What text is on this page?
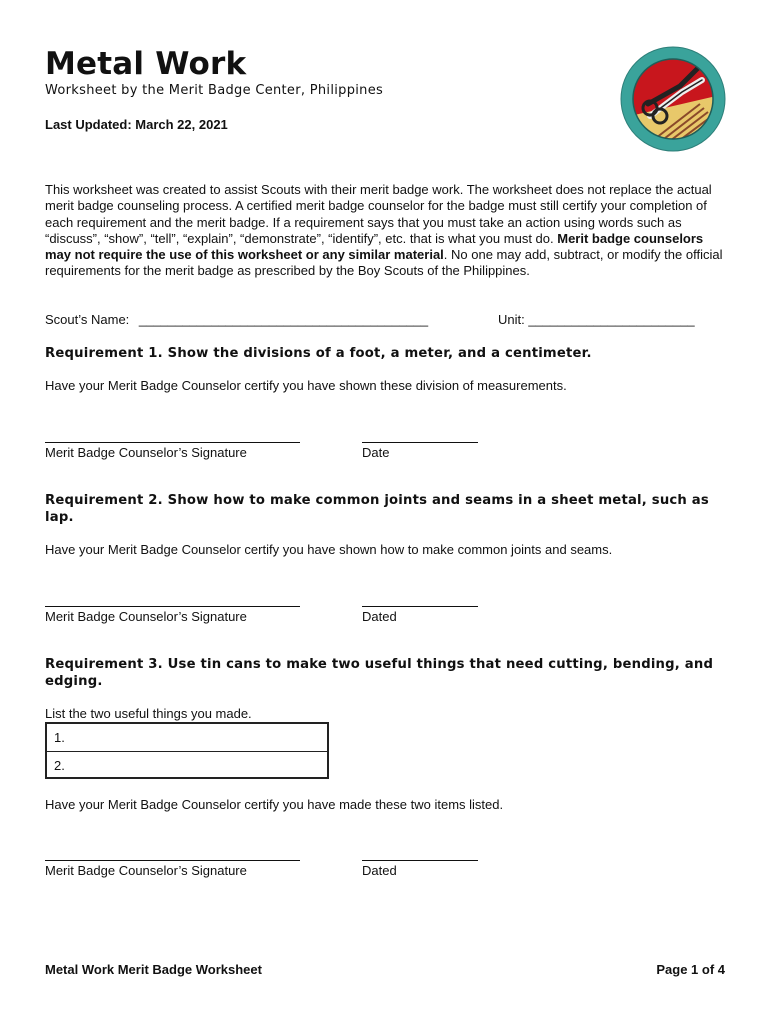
Metal Work
Worksheet by the Merit Badge Center, Philippines
Last Updated: March 22, 2021
This worksheet was created to assist Scouts with their merit badge work. The worksheet does not replace the actual merit badge counseling process. A certified merit badge counselor for the badge must still certify your completion of each requirement and the merit badge. If a requirement says that you must take an action using words such as “discuss”, “show”, “tell”, “explain”, “demonstrate”, “identify”, etc. that is what you must do. Merit badge counselors may not require the use of this worksheet or any similar material. No one may add, subtract, or modify the official requirements for the merit badge as prescribed by the Boy Scouts of the Philippines.
Scout’s Name: ________________________________________	Unit: _______________________
Requirement 1. Show the divisions of a foot, a meter, and a centimeter.
Have your Merit Badge Counselor certify you have shown these division of measurements.
Merit Badge Counselor’s Signature	Date
Requirement 2. Show how to make common joints and seams in a sheet metal, such as lap.
Have your Merit Badge Counselor certify you have shown how to make common joints and seams.
Merit Badge Counselor’s Signature	Dated
Requirement 3. Use tin cans to make two useful things that need cutting, bending, and edging.
List the two useful things you made.
1.
2.
Have your Merit Badge Counselor certify you have made these two items listed.
Merit Badge Counselor’s Signature	Dated
Metal Work Merit Badge Worksheet	Page 1 of 4
